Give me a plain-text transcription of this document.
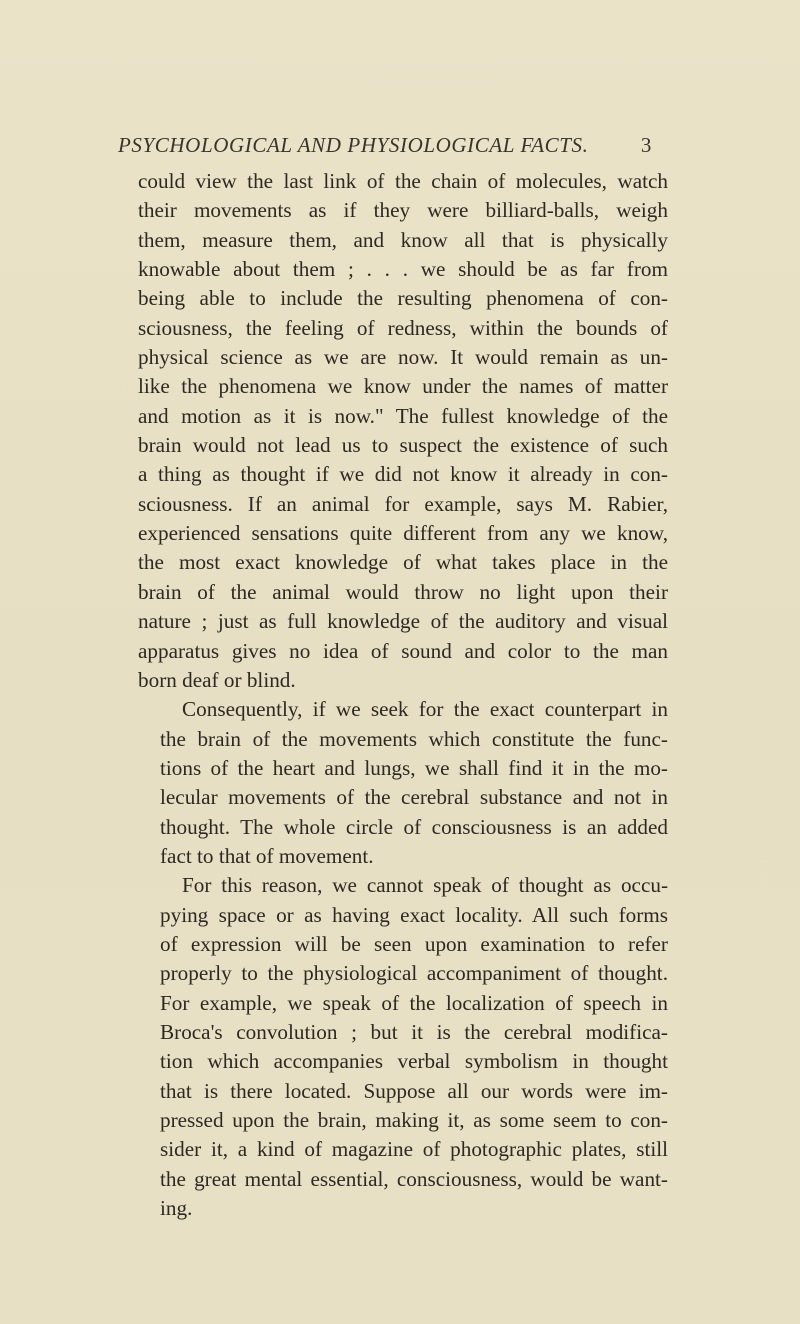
PSYCHOLOGICAL AND PHYSIOLOGICAL FACTS. 3

could view the last link of the chain of molecules, watch
their movements as if they were billiard-balls, weigh
them, measure them, and know all that is physically
knowable about them ; . . . we should be as far from
being able to include the resulting phenomena of con-
sciousness, the feeling of redness, within the bounds of
physical science as we are now. It would remain as un-
like the phenomena we know under the names of matter
and motion as it is now." The fullest knowledge of the
brain would not lead us to suspect the existence of such
a thing as thought if we did not know it already in con-
sciousness. If an animal for example, says M. Rabier,
experienced sensations quite different from any we know,
the most exact knowledge of what takes place in the
brain of the animal would throw no light upon their
nature ; just as full knowledge of the auditory and visual
apparatus gives no idea of sound and color to the man
born deaf or blind.

Consequently, if we seek for the exact counterpart in
the brain of the movements which constitute the func-
tions of the heart and lungs, we shall find it in the mo-
lecular movements of the cerebral substance and not in
thought. The whole circle of consciousness is an added
fact to that of movement.

For this reason, we cannot speak of thought as occu-
pying space or as having exact locality. All such forms
of expression will be seen upon examination to refer
properly to the physiological accompaniment of thought.
For example, we speak of the localization of speech in
Broca's convolution ; but it is the cerebral modifica-
tion which accompanies verbal symbolism in thought
that is there located. Suppose all our words were im-
pressed upon the brain, making it, as some seem to con-
sider it, a kind of magazine of photographic plates, still
the great mental essential, consciousness, would be want-
ing.
